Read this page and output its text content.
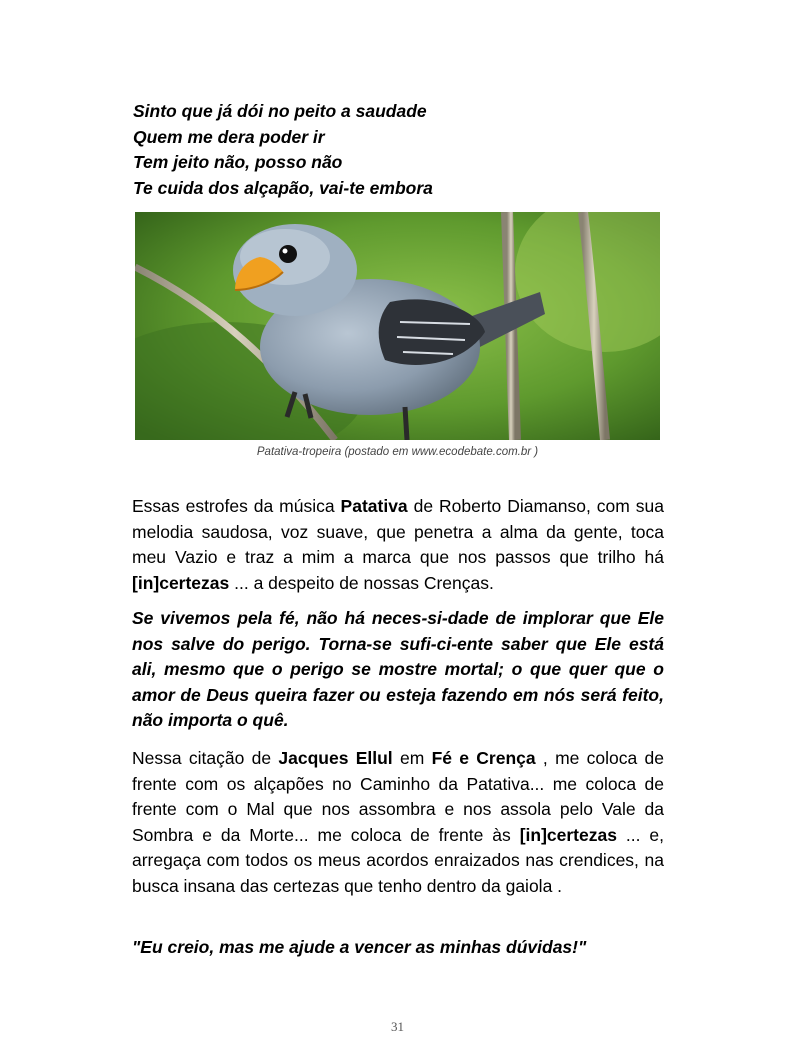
Sinto que já dói no peito a saudade
Quem me dera poder ir
Tem jeito não, posso não
Te cuida dos alçapão, vai-te embora
Patativa-tropeira (postado em www.ecodebate.com.br )

Essas estrofes da música Patativa de Roberto Diamanso, com sua melodia saudosa, voz suave, que penetra a alma da gente, toca meu Vazio e traz a mim a marca que nos passos que trilho há [in]certezas ... a despeito de nossas Crenças.

Se vivemos pela fé, não há neces-si-dade de implorar que Ele nos salve do perigo. Torna-se sufi-ci-ente saber que Ele está ali, mesmo que o perigo se mostre mortal; o que quer que o amor de Deus queira fazer ou esteja fazendo em nós será feito, não importa o quê.

Nessa citação de Jacques Ellul em Fé e Crença , me coloca de frente com os alçapões no Caminho da Patativa... me coloca de frente com o Mal que nos assombra e nos assola pelo Vale da Sombra e da Morte... me coloca de frente às [in]certezas ... e, arregaça com todos os meus acordos enraizados nas crendices, na busca insana das certezas que tenho dentro da gaiola .

"Eu creio, mas me ajude a vencer as minhas dúvidas!"

31
